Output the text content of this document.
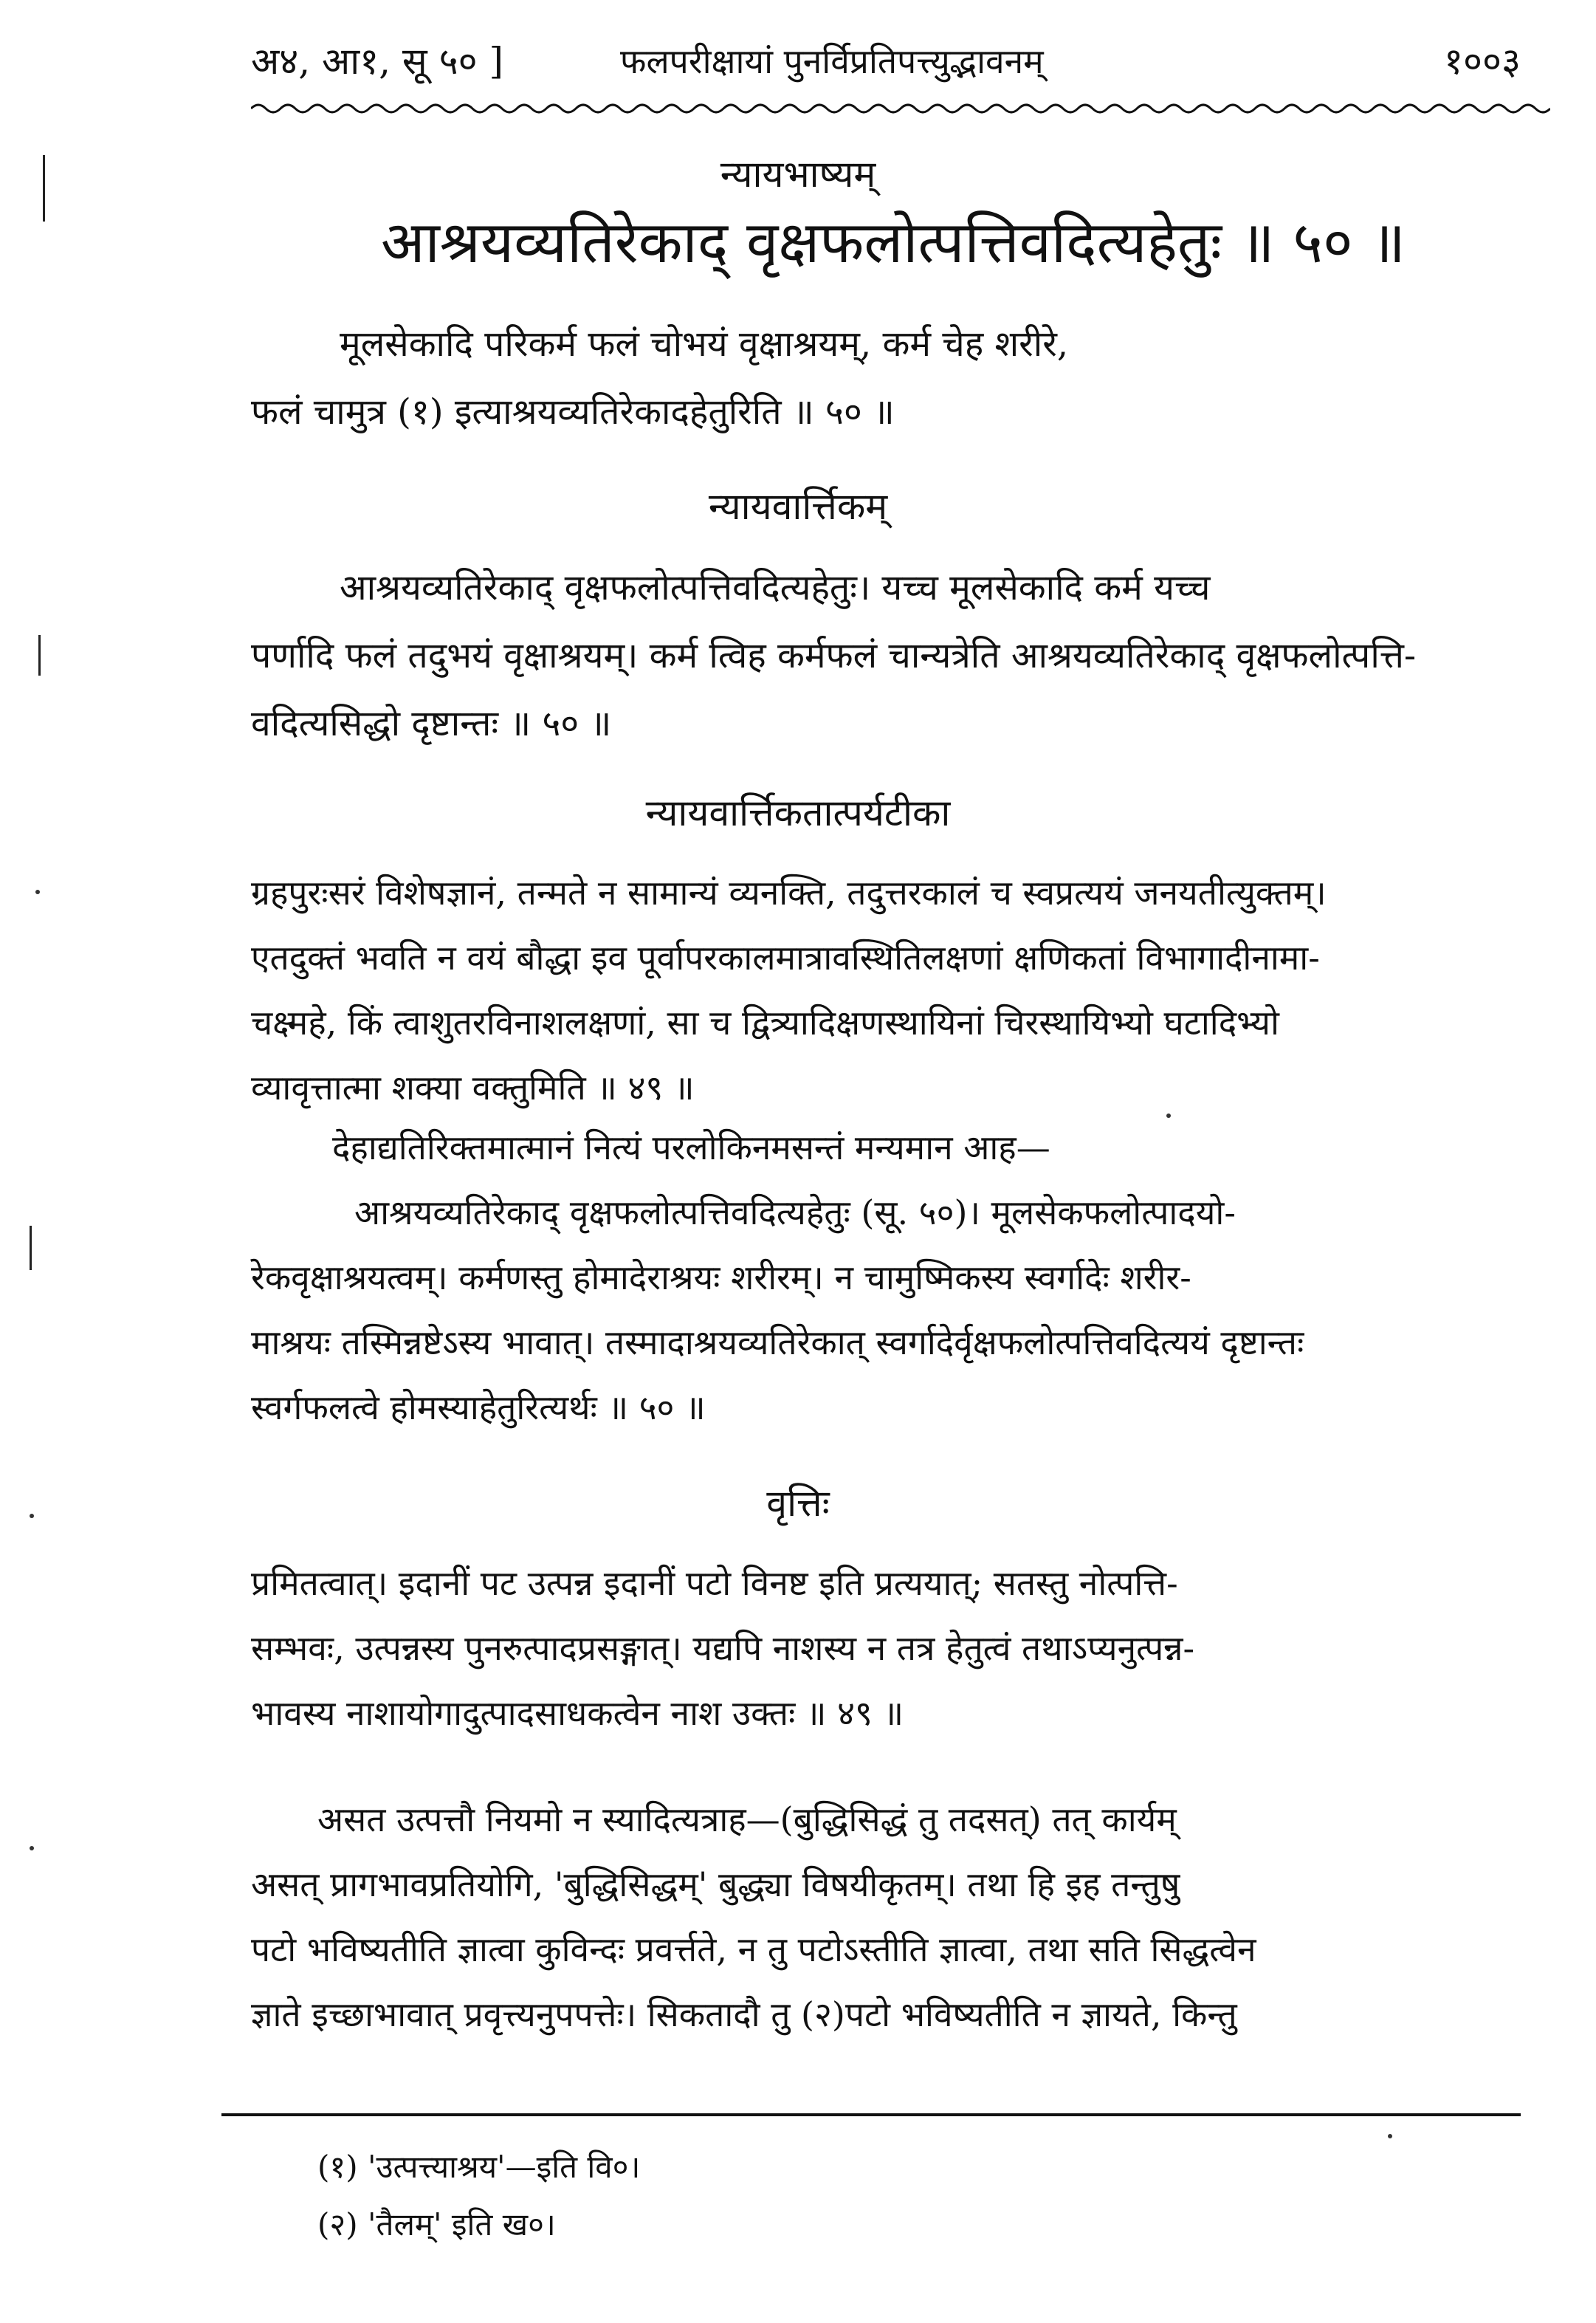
अ४, आ१, सू ५० ]	फलपरीक्षायां पुनर्विप्रतिपत्त्युद्भावनम्	१००३
न्यायभाष्यम्
आश्रयव्यतिरेकाद् वृक्षफलोत्पत्तिवदित्यहेतुः ॥ ५० ॥
मूलसेकादि परिकर्म फलं चोभयं वृक्षाश्रयम्, कर्म चेह शरीरे,
फलं चामुत्र (१) इत्याश्रयव्यतिरेकादहेतुरिति ॥ ५० ॥
न्यायवार्त्तिकम्
आश्रयव्यतिरेकाद् वृक्षफलोत्पत्तिवदित्यहेतुः। यच्च मूलसेकादि कर्म यच्च
पर्णादि फलं तदुभयं वृक्षाश्रयम्। कर्म त्विह कर्मफलं चान्यत्रेति आश्रयव्यतिरेकाद् वृक्षफलोत्पत्ति-
वदित्यसिद्धो दृष्टान्तः ॥ ५० ॥
न्यायवार्त्तिकतात्पर्यटीका
ग्रहपुरःसरं विशेषज्ञानं, तन्मते न सामान्यं व्यनक्ति, तदुत्तरकालं च स्वप्रत्ययं जनयतीत्युक्तम्।
एतदुक्तं भवति न वयं बौद्धा इव पूर्वापरकालमात्रावस्थितिलक्षणां क्षणिकतां विभागादीनामा-
चक्ष्महे, किं त्वाशुतरविनाशलक्षणां, सा च द्वित्र्यादिक्षणस्थायिनां चिरस्थायिभ्यो घटादिभ्यो
व्यावृत्तात्मा शक्या वक्तुमिति ॥ ४९ ॥
देहाद्यतिरिक्तमात्मानं नित्यं परलोकिनमसन्तं मन्यमान आह—
आश्रयव्यतिरेकाद् वृक्षफलोत्पत्तिवदित्यहेतुः (सू. ५०)। मूलसेकफलोत्पादयो-
रेकवृक्षाश्रयत्वम्। कर्मणस्तु होमादेराश्रयः शरीरम्। न चामुष्मिकस्य स्वर्गादेः शरीर-
माश्रयः तस्मिन्नष्टेऽस्य भावात्। तस्मादाश्रयव्यतिरेकात् स्वर्गादेर्वृक्षफलोत्पत्तिवदित्ययं दृष्टान्तः
स्वर्गफलत्वे होमस्याहेतुरित्यर्थः ॥ ५० ॥
वृत्तिः
प्रमितत्वात्। इदानीं पट उत्पन्न इदानीं पटो विनष्ट इति प्रत्ययात्; सतस्तु नोत्पत्ति-
सम्भवः, उत्पन्नस्य पुनरुत्पादप्रसङ्गात्। यद्यपि नाशस्य न तत्र हेतुत्वं तथाऽप्यनुत्पन्न-
भावस्य नाशायोगादुत्पादसाधकत्वेन नाश उक्तः ॥ ४९ ॥
असत उत्पत्तौ नियमो न स्यादित्यत्राह—(बुद्धिसिद्धं तु तदसत्) तत् कार्यम्
असत् प्रागभावप्रतियोगि, 'बुद्धिसिद्धम्' बुद्ध्या विषयीकृतम्। तथा हि इह तन्तुषु
पटो भविष्यतीति ज्ञात्वा कुविन्दः प्रवर्त्तते, न तु पटोऽस्तीति ज्ञात्वा, तथा सति सिद्धत्वेन
ज्ञाते इच्छाभावात् प्रवृत्त्यनुपपत्तेः। सिकतादौ तु (२)पटो भविष्यतीति न ज्ञायते, किन्तु
(१) 'उत्पत्त्याश्रय'—इति वि०।
(२) 'तैलम्' इति ख०।
